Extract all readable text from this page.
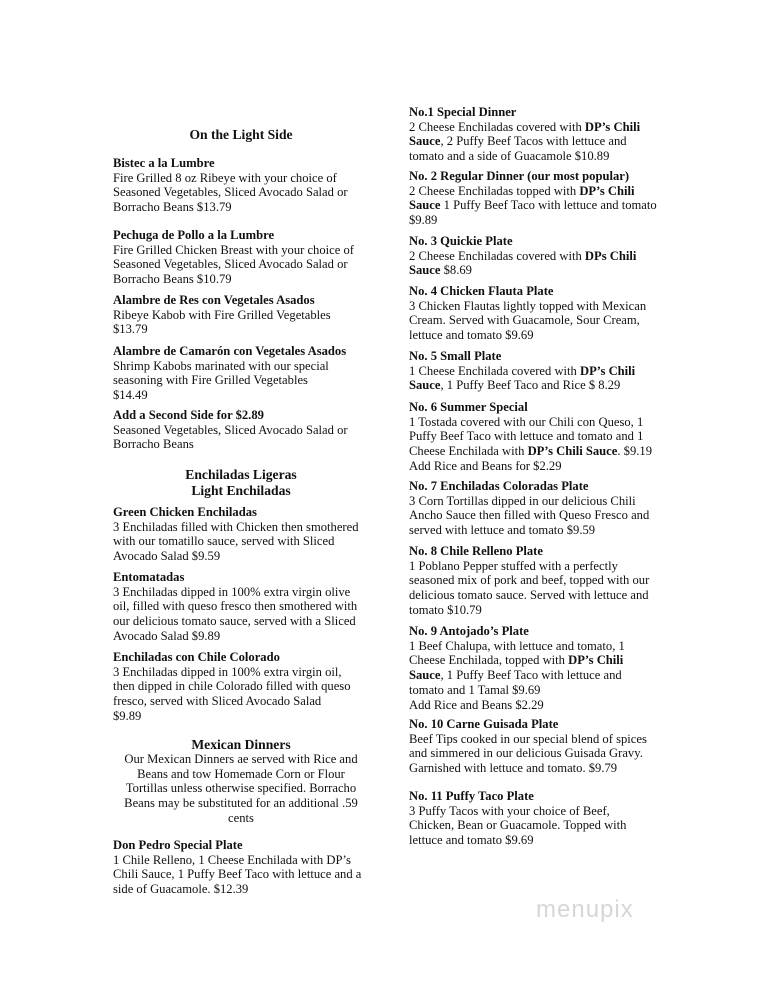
On the Light Side
Bistec a la Lumbre
Fire Grilled 8 oz Ribeye with your choice of
Seasoned Vegetables, Sliced Avocado Salad or
Borracho Beans $13.79
Pechuga de Pollo a la Lumbre
Fire Grilled Chicken Breast with your choice of
Seasoned Vegetables, Sliced Avocado Salad or
Borracho Beans $10.79
Alambre de Res con Vegetales Asados
Ribeye Kabob with Fire Grilled Vegetables
$13.79
Alambre de Camarón con Vegetales Asados
Shrimp Kabobs marinated with our special
seasoning with Fire Grilled Vegetables
$14.49
Add a Second Side for $2.89
Seasoned Vegetables, Sliced Avocado Salad or
Borracho Beans
Enchiladas Ligeras
Light Enchiladas
Green Chicken Enchiladas
3 Enchiladas filled with Chicken then smothered
with our tomatillo sauce, served with Sliced
Avocado Salad $9.59
Entomatadas
3 Enchiladas dipped in 100% extra virgin olive
oil, filled with queso fresco then smothered with
our delicious tomato sauce, served with a Sliced
Avocado Salad $9.89
Enchiladas con Chile Colorado
3 Enchiladas dipped in 100% extra virgin oil,
then dipped in chile Colorado filled with queso
fresco, served with Sliced Avocado Salad
$9.89
Mexican Dinners
Our Mexican Dinners ae served with Rice and
Beans and tow Homemade Corn or Flour
Tortillas unless otherwise specified. Borracho
Beans may be substituted for an additional .59
cents
Don Pedro Special Plate
1 Chile Relleno, 1 Cheese Enchilada with DP’s
Chili Sauce, 1 Puffy Beef Taco with lettuce and a
side of Guacamole. $12.39
No.1 Special Dinner
2 Cheese Enchiladas covered with DP’s Chili
Sauce, 2 Puffy Beef Tacos with lettuce and
tomato and a side of Guacamole $10.89
No. 2 Regular Dinner (our most popular)
2 Cheese Enchiladas topped with DP’s Chili
Sauce 1 Puffy Beef Taco with lettuce and tomato
$9.89
No. 3 Quickie Plate
2 Cheese Enchiladas covered with DPs Chili
Sauce $8.69
No. 4 Chicken Flauta Plate
3 Chicken Flautas lightly topped with Mexican
Cream. Served with Guacamole, Sour Cream,
lettuce and tomato $9.69
No. 5 Small Plate
1 Cheese Enchilada covered with DP’s Chili
Sauce, 1 Puffy Beef Taco and Rice $ 8.29
No. 6 Summer Special
1 Tostada covered with our Chili con Queso, 1
Puffy Beef Taco with lettuce and tomato and 1
Cheese Enchilada with DP’s Chili Sauce. $9.19
Add Rice and Beans for $2.29
No. 7 Enchiladas Coloradas Plate
3 Corn Tortillas dipped in our delicious Chili
Ancho Sauce then filled with Queso Fresco and
served with lettuce and tomato $9.59
No. 8 Chile Relleno Plate
1 Poblano Pepper stuffed with a perfectly
seasoned mix of pork and beef, topped with our
delicious tomato sauce. Served with lettuce and
tomato $10.79
No. 9 Antojado’s Plate
1 Beef Chalupa, with lettuce and tomato, 1
Cheese Enchilada, topped with DP’s Chili
Sauce, 1 Puffy Beef Taco with lettuce and
tomato and 1 Tamal $9.69
Add Rice and Beans $2.29
No. 10 Carne Guisada Plate
Beef Tips cooked in our special blend of spices
and simmered in our delicious Guisada Gravy.
Garnished with lettuce and tomato. $9.79
No. 11 Puffy Taco Plate
3 Puffy Tacos with your choice of Beef,
Chicken, Bean or Guacamole. Topped with
lettuce and tomato $9.69
menupix
